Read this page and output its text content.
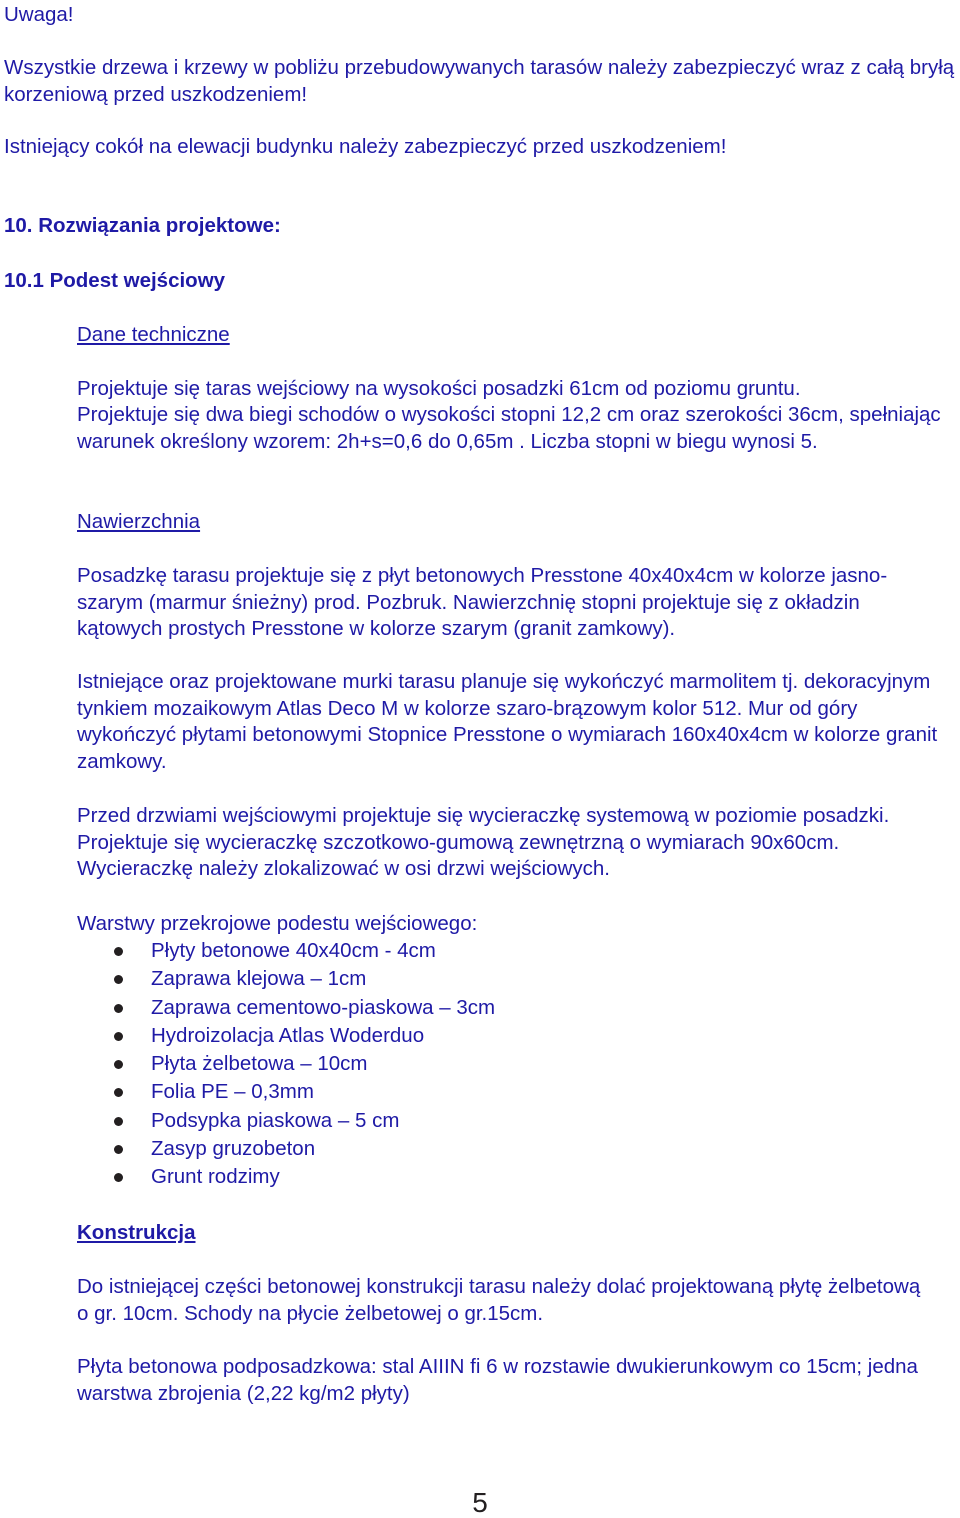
Uwaga!
Wszystkie drzewa i krzewy w pobliżu przebudowywanych tarasów należy zabezpieczyć wraz z całą bryłą korzeniową przed uszkodzeniem!
Istniejący cokół na elewacji budynku należy zabezpieczyć przed uszkodzeniem!
10. Rozwiązania projektowe:
10.1 Podest wejściowy
Dane techniczne
Projektuje się taras wejściowy na wysokości posadzki 61cm od poziomu gruntu.
Projektuje się dwa biegi schodów o wysokości stopni 12,2 cm oraz szerokości 36cm, spełniając warunek określony wzorem: 2h+s=0,6 do 0,65m . Liczba stopni w biegu wynosi 5.
Nawierzchnia
Posadzkę tarasu projektuje się z płyt betonowych Presstone 40x40x4cm w kolorze jasno-szarym (marmur śnieżny) prod. Pozbruk. Nawierzchnię stopni projektuje się z okładzin kątowych prostych Presstone w kolorze szarym (granit zamkowy).
Istniejące oraz projektowane murki tarasu planuje się wykończyć marmolitem tj. dekoracyjnym tynkiem mozaikowym Atlas Deco M w kolorze szaro-brązowym kolor 512. Mur od góry wykończyć płytami betonowymi Stopnice Presstone o wymiarach 160x40x4cm w kolorze granit zamkowy.
Przed drzwiami wejściowymi projektuje się wycieraczkę systemową w poziomie posadzki. Projektuje się wycieraczkę szczotkowo-gumową zewnętrzną o wymiarach 90x60cm. Wycieraczkę należy zlokalizować w osi drzwi wejściowych.
Warstwy przekrojowe podestu wejściowego:
Płyty betonowe 40x40cm - 4cm
Zaprawa klejowa – 1cm
Zaprawa cementowo-piaskowa – 3cm
Hydroizolacja Atlas Woderduo
Płyta żelbetowa – 10cm
Folia PE – 0,3mm
Podsypka piaskowa – 5 cm
Zasyp gruzobeton
Grunt rodzimy
Konstrukcja
Do istniejącej części betonowej konstrukcji tarasu należy dolać projektowaną płytę żelbetową o gr. 10cm. Schody na płycie żelbetowej o gr.15cm.
Płyta betonowa podposadzkowa: stal AIIIN fi 6 w rozstawie dwukierunkowym co 15cm; jedna warstwa zbrojenia (2,22 kg/m2 płyty)
5
